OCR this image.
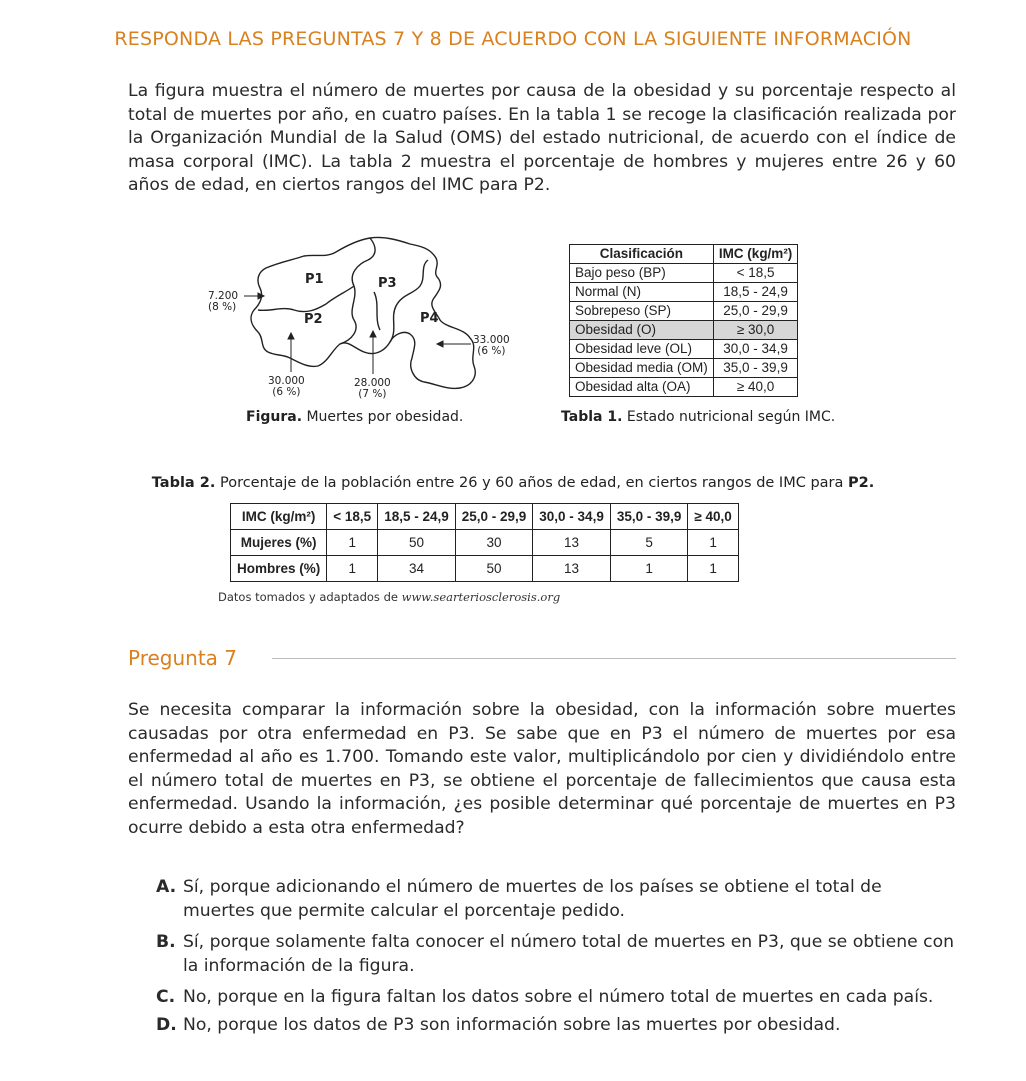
RESPONDA LAS PREGUNTAS 7 Y 8 DE ACUERDO CON LA SIGUIENTE INFORMACIÓN
La figura muestra el número de muertes por causa de la obesidad y su porcentaje respecto al total de muertes por año, en cuatro países. En la tabla 1 se recoge la clasificación realizada por la Organización Mundial de la Salud (OMS) del estado nutricional, de acuerdo con el índice de masa corporal (IMC). La tabla 2 muestra el porcentaje de hombres y mujeres entre 26 y 60 años de edad, en ciertos rangos del IMC para P2.
P1
P2
P3
P4
7.200
(8 %)
30.000
(6 %)
28.000
(7 %)
33.000
(6 %)
Figura. Muertes por obesidad.
Clasificación	IMC (kg/m²)
Bajo peso (BP)	< 18,5
Normal (N)	18,5 - 24,9
Sobrepeso (SP)	25,0 - 29,9
Obesidad (O)	≥ 30,0
Obesidad leve (OL)	30,0 - 34,9
Obesidad media (OM)	35,0 - 39,9
Obesidad alta (OA)	≥ 40,0
Tabla 1. Estado nutricional según IMC.
Tabla 2. Porcentaje de la población entre 26 y 60 años de edad, en ciertos rangos de IMC para P2.
IMC (kg/m²)	< 18,5	18,5 - 24,9	25,0 - 29,9	30,0 - 34,9	35,0 - 39,9	≥ 40,0
Mujeres (%)	1	50	30	13	5	1
Hombres (%)	1	34	50	13	1	1
Datos tomados y adaptados de www.searteriosclerosis.org
Pregunta 7
Se necesita comparar la información sobre la obesidad, con la información sobre muertes causadas por otra enfermedad en P3. Se sabe que en P3 el número de muertes por esa enfermedad al año es 1.700. Tomando este valor, multiplicándolo por cien y dividiéndolo entre el número total de muertes en P3, se obtiene el porcentaje de fallecimientos que causa esta enfermedad. Usando la información, ¿es posible determinar qué porcentaje de muertes en P3 ocurre debido a esta otra enfermedad?
A. Sí, porque adicionando el número de muertes de los países se obtiene el total de muertes que permite calcular el porcentaje pedido.
B. Sí, porque solamente falta conocer el número total de muertes en P3, que se obtiene con la información de la figura.
C. No, porque en la figura faltan los datos sobre el número total de muertes en cada país.
D. No, porque los datos de P3 son información sobre las muertes por obesidad.
